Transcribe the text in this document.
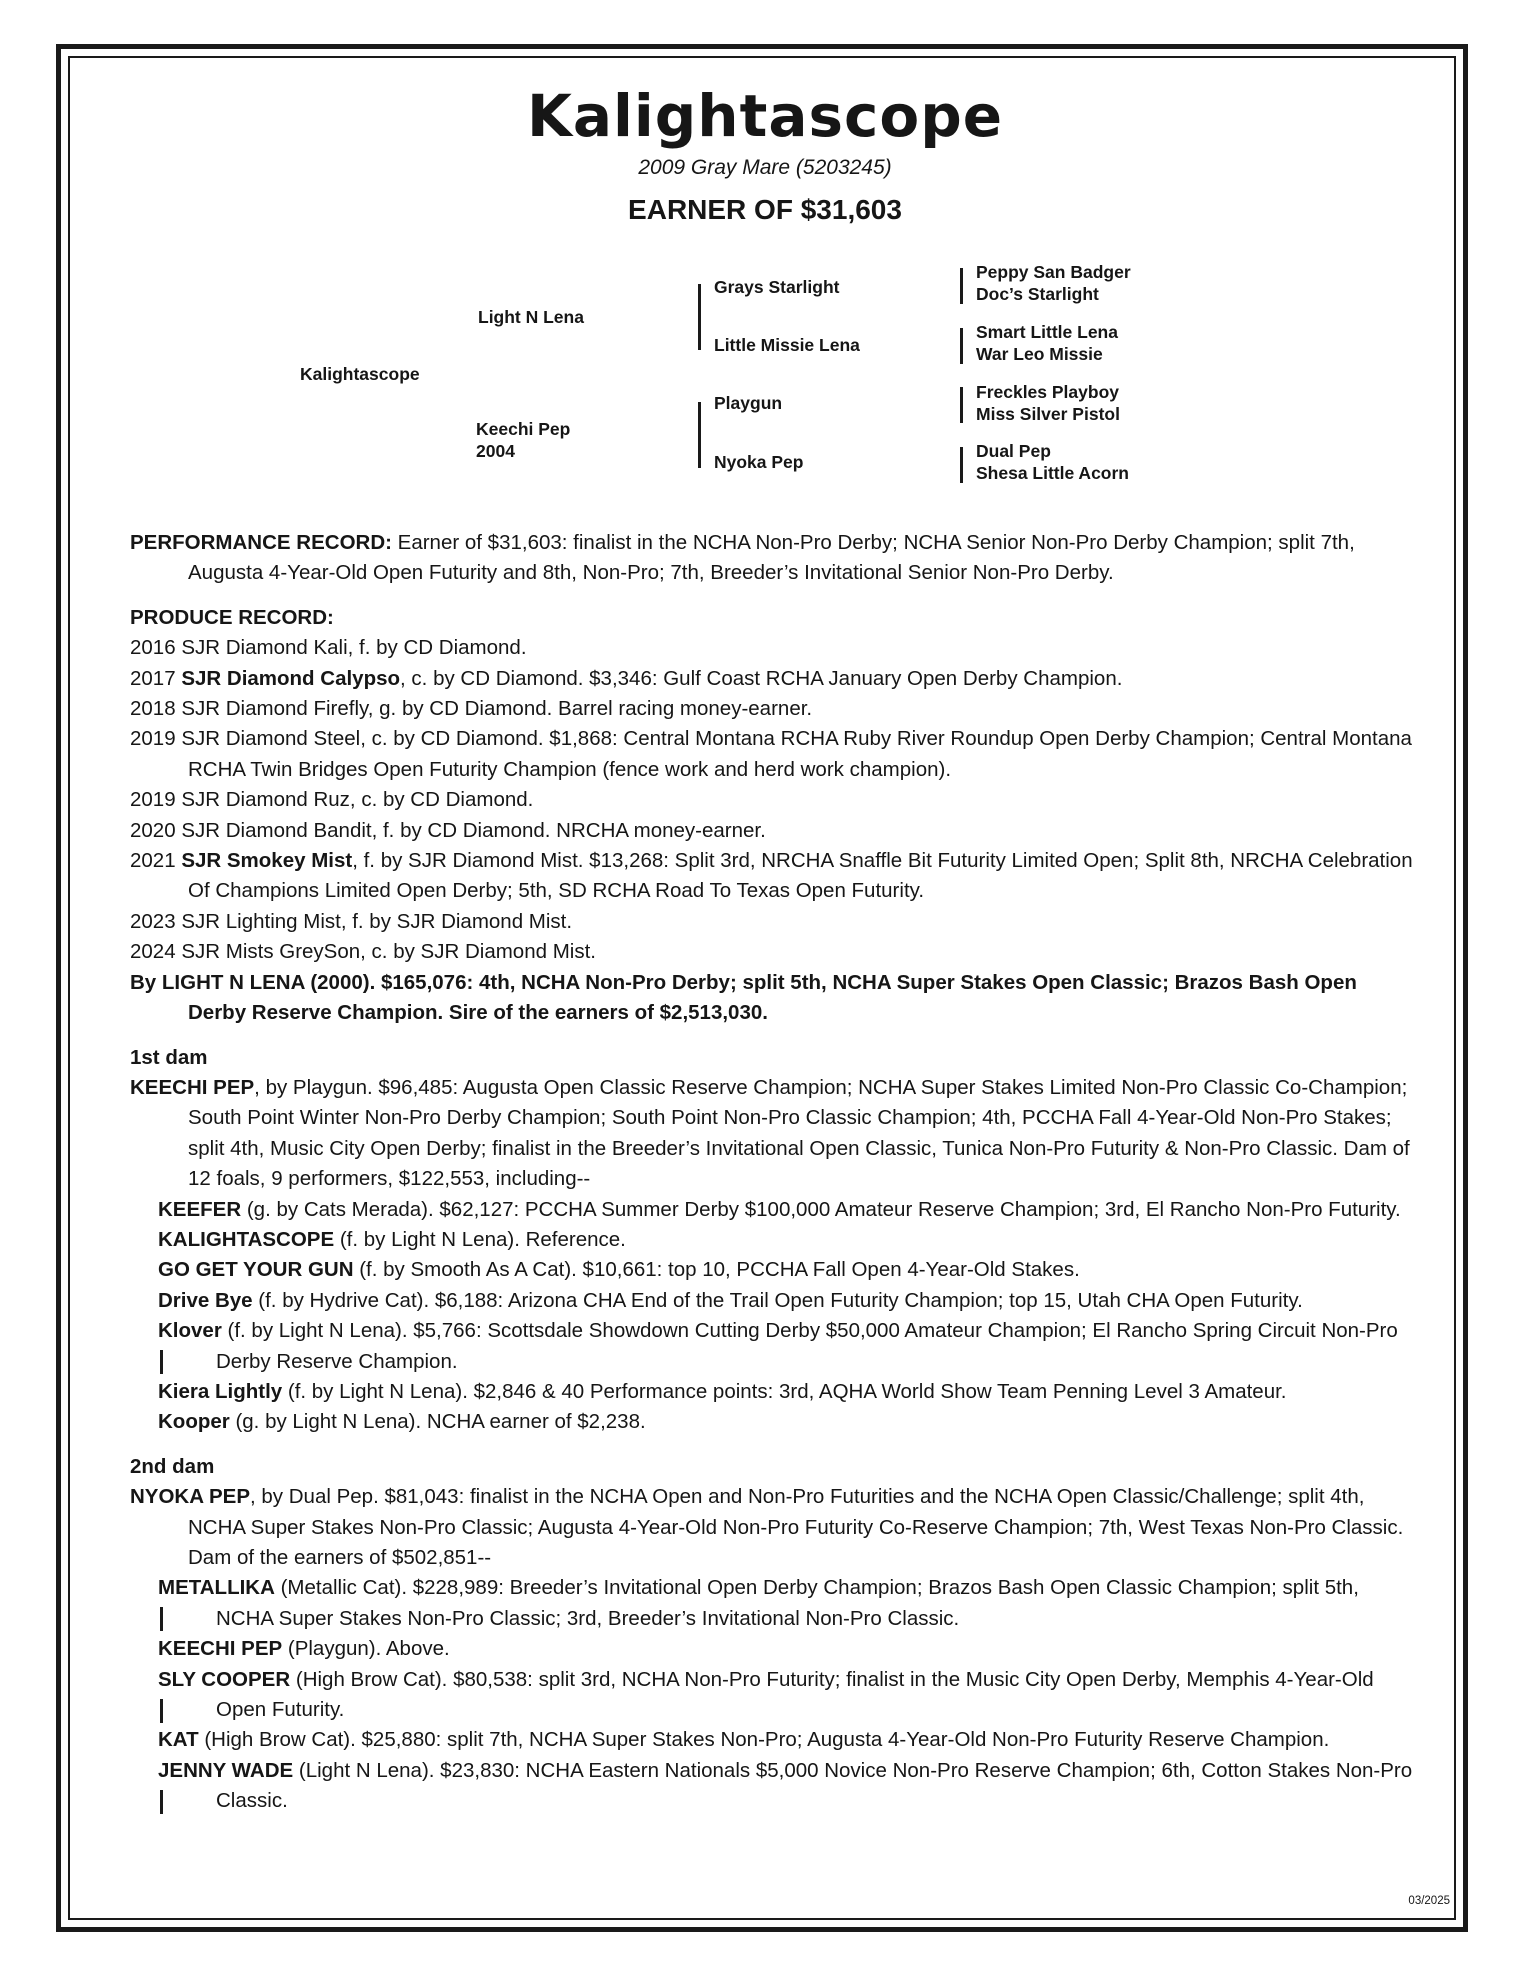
Kalightascope
2009 Gray Mare (5203245)
EARNER OF $31,603
Kalightascope
Light N Lena
Keechi Pep
2004
Grays Starlight
Little Missie Lena
Playgun
Nyoka Pep
Peppy San Badger
Doc’s Starlight
Smart Little Lena
War Leo Missie
Freckles Playboy
Miss Silver Pistol
Dual Pep
Shesa Little Acorn

PERFORMANCE RECORD: Earner of $31,603: finalist in the NCHA Non-Pro Derby; NCHA Senior Non-Pro Derby Champion; split 7th, Augusta 4-Year-Old Open Futurity and 8th, Non-Pro; 7th, Breeder’s Invitational Senior Non-Pro Derby.

PRODUCE RECORD:

2016 SJR Diamond Kali, f. by CD Diamond.

2017 SJR Diamond Calypso, c. by CD Diamond. $3,346: Gulf Coast RCHA January Open Derby Champion.

2018 SJR Diamond Firefly, g. by CD Diamond. Barrel racing money-earner.

2019 SJR Diamond Steel, c. by CD Diamond. $1,868: Central Montana RCHA Ruby River Roundup Open Derby Champion; Central Montana RCHA Twin Bridges Open Futurity Champion (fence work and herd work champion).

2019 SJR Diamond Ruz, c. by CD Diamond.

2020 SJR Diamond Bandit, f. by CD Diamond. NRCHA money-earner.

2021 SJR Smokey Mist, f. by SJR Diamond Mist. $13,268: Split 3rd, NRCHA Snaffle Bit Futurity Limited Open; Split 8th, NRCHA Celebration Of Champions Limited Open Derby; 5th, SD RCHA Road To Texas Open Futurity.

2023 SJR Lighting Mist, f. by SJR Diamond Mist.

2024 SJR Mists GreySon, c. by SJR Diamond Mist.

By LIGHT N LENA (2000). $165,076: 4th, NCHA Non-Pro Derby; split 5th, NCHA Super Stakes Open Classic; Brazos Bash Open Derby Reserve Champion. Sire of the earners of $2,513,030.

1st dam

KEECHI PEP, by Playgun. $96,485: Augusta Open Classic Reserve Champion; NCHA Super Stakes Limited Non-Pro Classic Co-Champion; South Point Winter Non-Pro Derby Champion; South Point Non-Pro Classic Champion; 4th, PCCHA Fall 4-Year-Old Non-Pro Stakes; split 4th, Music City Open Derby; finalist in the Breeder’s Invitational Open Classic, Tunica Non-Pro Futurity & Non-Pro Classic. Dam of 12 foals, 9 performers, $122,553, including--

KEEFER (g. by Cats Merada). $62,127: PCCHA Summer Derby $100,000 Amateur Reserve Champion; 3rd, El Rancho Non-Pro Futurity.

KALIGHTASCOPE (f. by Light N Lena). Reference.

GO GET YOUR GUN (f. by Smooth As A Cat). $10,661: top 10, PCCHA Fall Open 4-Year-Old Stakes.

Drive Bye (f. by Hydrive Cat). $6,188: Arizona CHA End of the Trail Open Futurity Champion; top 15, Utah CHA Open Futurity.

Klover (f. by Light N Lena). $5,766: Scottsdale Showdown Cutting Derby $50,000 Amateur Champion; El Rancho Spring Circuit Non-Pro Derby Reserve Champion.

Kiera Lightly (f. by Light N Lena). $2,846 & 40 Performance points: 3rd, AQHA World Show Team Penning Level 3 Amateur.

Kooper (g. by Light N Lena). NCHA earner of $2,238.

2nd dam

NYOKA PEP, by Dual Pep. $81,043: finalist in the NCHA Open and Non-Pro Futurities and the NCHA Open Classic/Challenge; split 4th, NCHA Super Stakes Non-Pro Classic; Augusta 4-Year-Old Non-Pro Futurity Co-Reserve Champion; 7th, West Texas Non-Pro Classic. Dam of the earners of $502,851--

METALLIKA (Metallic Cat). $228,989: Breeder’s Invitational Open Derby Champion; Brazos Bash Open Classic Champion; split 5th, NCHA Super Stakes Non-Pro Classic; 3rd, Breeder’s Invitational Non-Pro Classic.

KEECHI PEP (Playgun). Above.

SLY COOPER (High Brow Cat). $80,538: split 3rd, NCHA Non-Pro Futurity; finalist in the Music City Open Derby, Memphis 4-Year-Old Open Futurity.

KAT (High Brow Cat). $25,880: split 7th, NCHA Super Stakes Non-Pro; Augusta 4-Year-Old Non-Pro Futurity Reserve Champion.

JENNY WADE (Light N Lena). $23,830: NCHA Eastern Nationals $5,000 Novice Non-Pro Reserve Champion; 6th, Cotton Stakes Non-Pro Classic.

03/2025
